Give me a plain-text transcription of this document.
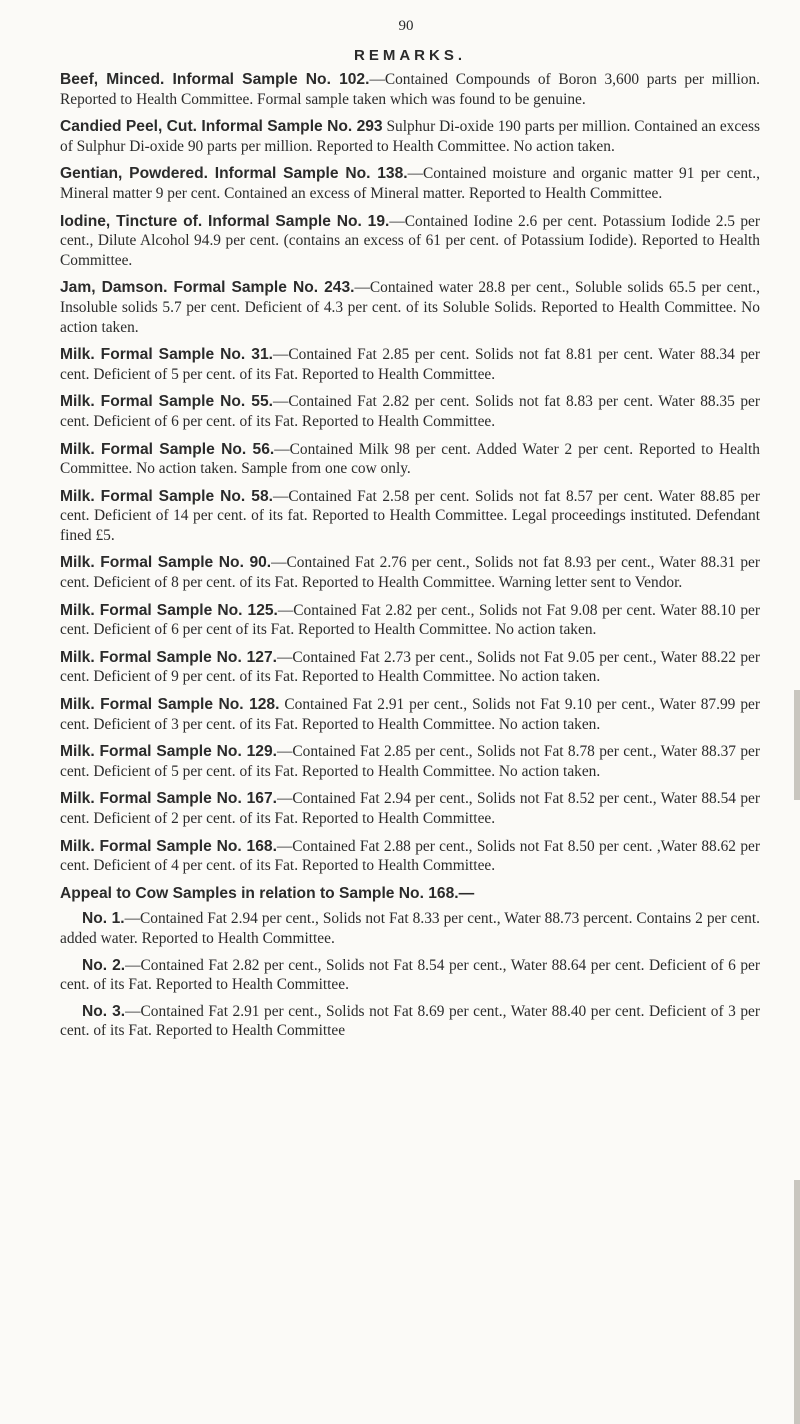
90
REMARKS.

Beef, Minced. Informal Sample No. 102.—Contained Compounds of Boron 3,600 parts per million. Reported to Health Committee. Formal sample taken which was found to be genuine.

Candied Peel, Cut. Informal Sample No. 293 Sulphur Di-oxide 190 parts per million. Contained an excess of Sulphur Di-oxide 90 parts per million. Reported to Health Committee. No action taken.

Gentian, Powdered. Informal Sample No. 138.—Contained moisture and organic matter 91 per cent., Mineral matter 9 per cent. Contained an excess of Mineral matter. Reported to Health Committee.

Iodine, Tincture of. Informal Sample No. 19.—Contained Iodine 2.6 per cent. Potassium Iodide 2.5 per cent., Dilute Alcohol 94.9 per cent. (contains an excess of 61 per cent. of Potassium Iodide). Reported to Health Committee.

Jam, Damson. Formal Sample No. 243.—Contained water 28.8 per cent., Soluble solids 65.5 per cent., Insoluble solids 5.7 per cent. Deficient of 4.3 per cent. of its Soluble Solids. Reported to Health Committee. No action taken.

Milk. Formal Sample No. 31.—Contained Fat 2.85 per cent. Solids not fat 8.81 per cent. Water 88.34 per cent. Deficient of 5 per cent. of its Fat. Reported to Health Committee.

Milk. Formal Sample No. 55.—Contained Fat 2.82 per cent. Solids not fat 8.83 per cent. Water 88.35 per cent. Deficient of 6 per cent. of its Fat. Reported to Health Committee.

Milk. Formal Sample No. 56.—Contained Milk 98 per cent. Added Water 2 per cent. Reported to Health Committee. No action taken. Sample from one cow only.

Milk. Formal Sample No. 58.—Contained Fat 2.58 per cent. Solids not fat 8.57 per cent. Water 88.85 per cent. Deficient of 14 per cent. of its fat. Reported to Health Committee. Legal proceedings instituted. Defendant fined £5.

Milk. Formal Sample No. 90.—Contained Fat 2.76 per cent., Solids not fat 8.93 per cent., Water 88.31 per cent. Deficient of 8 per cent. of its Fat. Reported to Health Committee. Warning letter sent to Vendor.

Milk. Formal Sample No. 125.—Contained Fat 2.82 per cent., Solids not Fat 9.08 per cent. Water 88.10 per cent. Deficient of 6 per cent of its Fat. Reported to Health Committee. No action taken.

Milk. Formal Sample No. 127.—Contained Fat 2.73 per cent., Solids not Fat 9.05 per cent., Water 88.22 per cent. Deficient of 9 per cent. of its Fat. Reported to Health Committee. No action taken.

Milk. Formal Sample No. 128. Contained Fat 2.91 per cent., Solids not Fat 9.10 per cent., Water 87.99 per cent. Deficient of 3 per cent. of its Fat. Reported to Health Committee. No action taken.

Milk. Formal Sample No. 129.—Contained Fat 2.85 per cent., Solids not Fat 8.78 per cent., Water 88.37 per cent. Deficient of 5 per cent. of its Fat. Reported to Health Committee. No action taken.

Milk. Formal Sample No. 167.—Contained Fat 2.94 per cent., Solids not Fat 8.52 per cent., Water 88.54 per cent. Deficient of 2 per cent. of its Fat. Reported to Health Committee.

Milk. Formal Sample No. 168.—Contained Fat 2.88 per cent., Solids not Fat 8.50 per cent. ,Water 88.62 per cent. Deficient of 4 per cent. of its Fat. Reported to Health Committee.

Appeal to Cow Samples in relation to Sample No. 168.—

No. 1.—Contained Fat 2.94 per cent., Solids not Fat 8.33 per cent., Water 88.73 percent. Contains 2 per cent. added water. Reported to Health Committee.

No. 2.—Contained Fat 2.82 per cent., Solids not Fat 8.54 per cent., Water 88.64 per cent. Deficient of 6 per cent. of its Fat. Reported to Health Committee.

No. 3.—Contained Fat 2.91 per cent., Solids not Fat 8.69 per cent., Water 88.40 per cent. Deficient of 3 per cent. of its Fat. Reported to Health Committee
